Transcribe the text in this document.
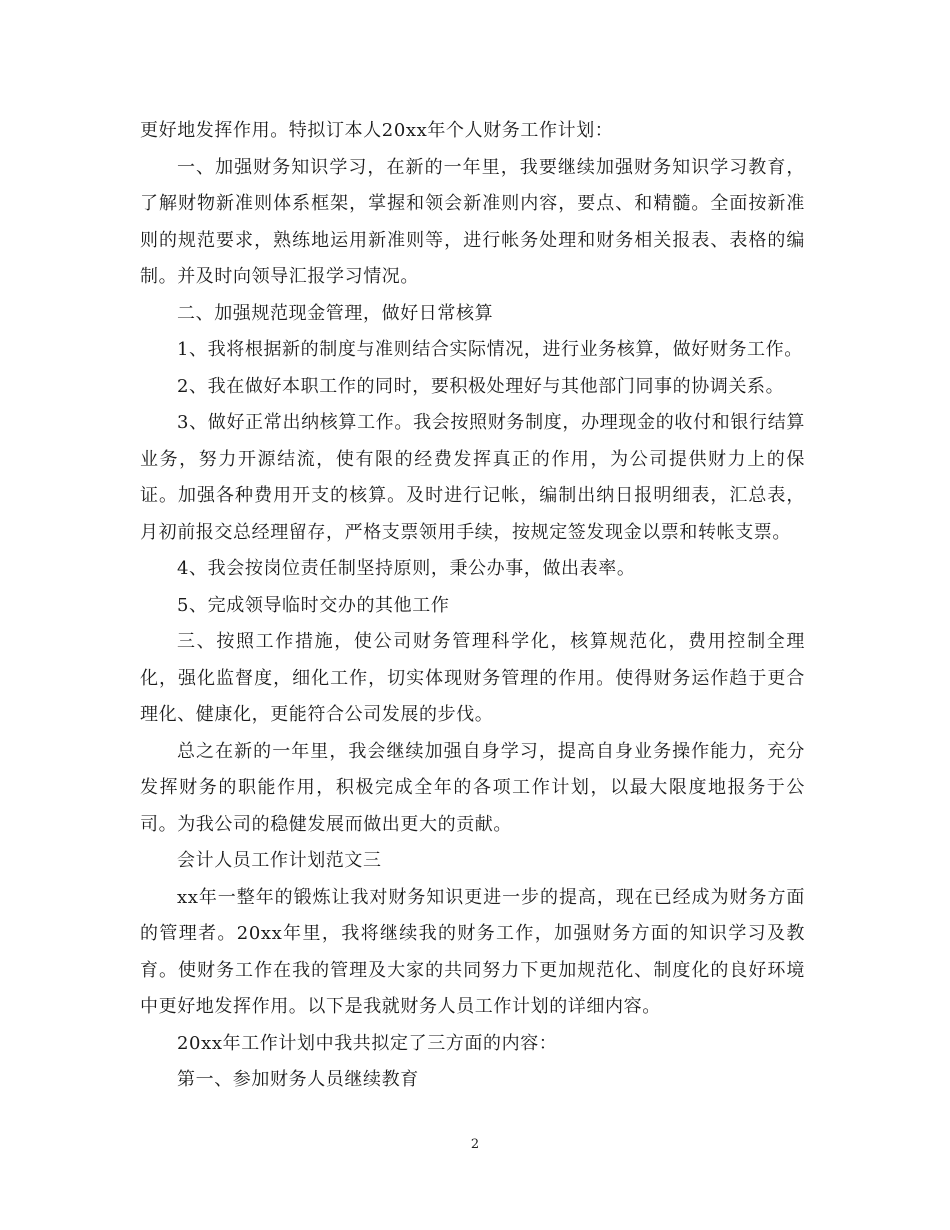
更好地发挥作用。特拟订本人20xx年个人财务工作计划：

一、加强财务知识学习，在新的一年里，我要继续加强财务知识学习教育，了解财物新准则体系框架，掌握和领会新准则内容，要点、和精髓。全面按新准则的规范要求，熟练地运用新准则等，进行帐务处理和财务相关报表、表格的编制。并及时向领导汇报学习情况。

二、加强规范现金管理，做好日常核算

1、我将根据新的制度与准则结合实际情况，进行业务核算，做好财务工作。

2、我在做好本职工作的同时，要积极处理好与其他部门同事的协调关系。

3、做好正常出纳核算工作。我会按照财务制度，办理现金的收付和银行结算业务，努力开源结流，使有限的经费发挥真正的作用，为公司提供财力上的保证。加强各种费用开支的核算。及时进行记帐，编制出纳日报明细表，汇总表，月初前报交总经理留存，严格支票领用手续，按规定签发现金以票和转帐支票。

4、我会按岗位责任制坚持原则，秉公办事，做出表率。

5、完成领导临时交办的其他工作

三、按照工作措施，使公司财务管理科学化，核算规范化，费用控制全理化，强化监督度，细化工作，切实体现财务管理的作用。使得财务运作趋于更合理化、健康化，更能符合公司发展的步伐。

总之在新的一年里，我会继续加强自身学习，提高自身业务操作能力，充分发挥财务的职能作用，积极完成全年的各项工作计划，以最大限度地报务于公司。为我公司的稳健发展而做出更大的贡献。

会计人员工作计划范文三

xx年一整年的锻炼让我对财务知识更进一步的提高，现在已经成为财务方面的管理者。20xx年里，我将继续我的财务工作，加强财务方面的知识学习及教育。使财务工作在我的管理及大家的共同努力下更加规范化、制度化的良好环境中更好地发挥作用。以下是我就财务人员工作计划的详细内容。

20xx年工作计划中我共拟定了三方面的内容：

第一、参加财务人员继续教育

2
